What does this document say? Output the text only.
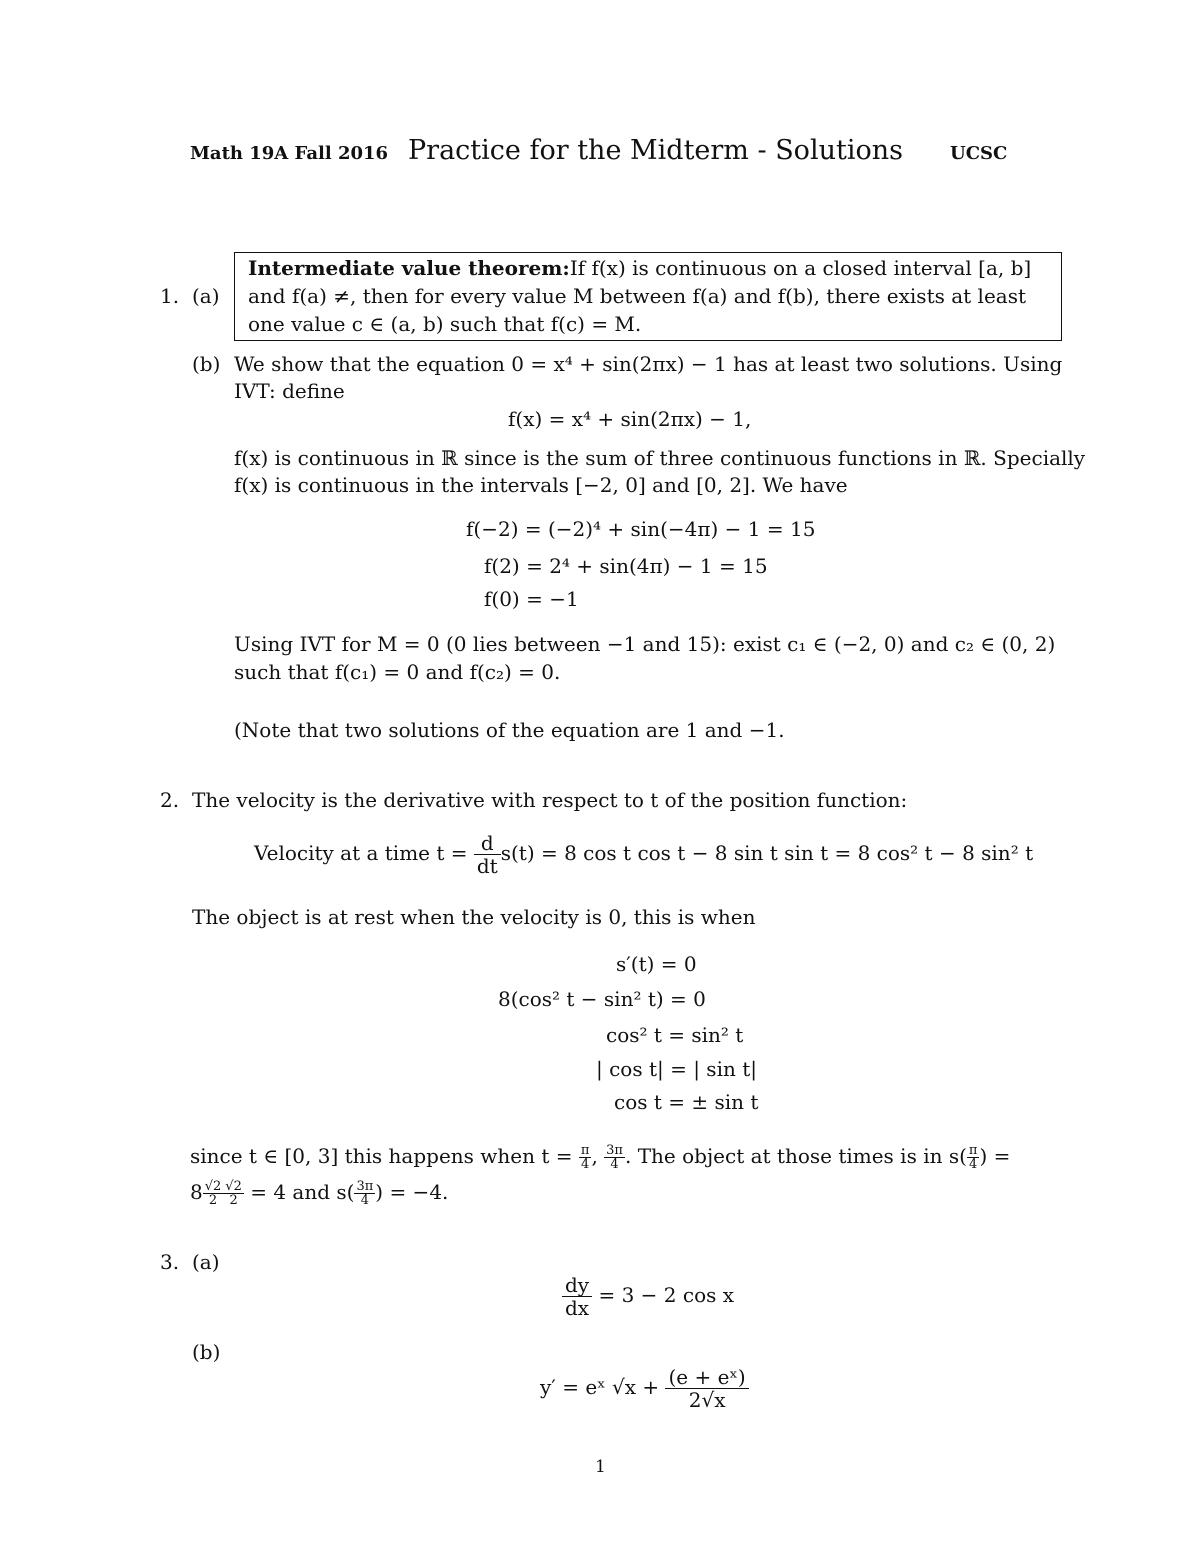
Math 19A Fall 2016 Practice for the Midterm - Solutions	UCSC
1. (a)
Intermediate value theorem:If f(x) is continuous on a closed interval [a, b]
and f(a) ≠, then for every value M between f(a) and f(b), there exists at least
one value c ∈ (a, b) such that f(c) = M.
(b) We show that the equation 0 = x⁴ + sin(2πx) − 1 has at least two solutions. Using
IVT: define
f(x) = x⁴ + sin(2πx) − 1,
f(x) is continuous in ℝ since is the sum of three continuous functions in ℝ. Specially
f(x) is continuous in the intervals [−2, 0] and [0, 2]. We have
f(−2) = (−2)⁴ + sin(−4π) − 1 = 15
f(2) = 2⁴ + sin(4π) − 1 = 15
f(0) = −1
Using IVT for M = 0 (0 lies between −1 and 15): exist c₁ ∈ (−2, 0) and c₂ ∈ (0, 2)
such that f(c₁) = 0 and f(c₂) = 0.
(Note that two solutions of the equation are 1 and −1.
2. The velocity is the derivative with respect to t of the position function:
Velocity at a time $t = \frac{d}{dt} s(t) = 8$ cos t cos t − 8 sin t sin t = 8 cos² t − 8 sin² t
The object is at rest when the velocity is 0, this is when
s′(t) = 0
8(cos² t − sin² t) = 0
cos² t = sin² t
| cos t| = | sin t|
cos t = ± sin t
since t ∈ [0, 3] this happens when $t = \frac{\pi}{4}$ , $\frac{3\pi}{4}$ . The object at those times is in $s( \frac{\pi}{4}$ ) =
$8 \frac{√2}{2} \frac{√2}{2} = 4$ and $s( \frac{3\pi}{4}$ ) = −4.
3. (a)
$\frac{dy}{dx} = 3 - 2$ cos x
(b)
y′ = eˣ $√x + \frac{\text{(e + eˣ)}}{2√x}$
1
